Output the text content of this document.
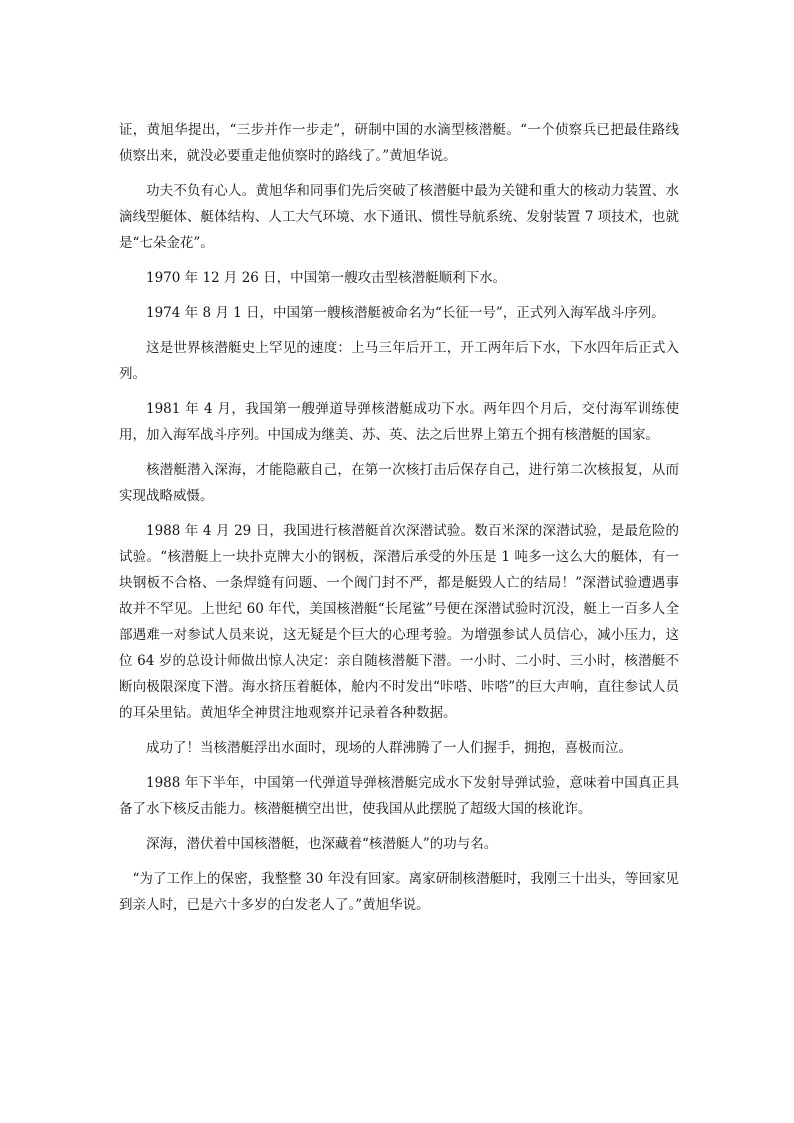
证，黄旭华提出，“三步并作一步走”，研制中国的水滴型核潜艇。“一个侦察兵已把最佳路线侦察出来，就没必要重走他侦察时的路线了。”黄旭华说。

功夫不负有心人。黄旭华和同事们先后突破了核潜艇中最为关键和重大的核动力装置、水滴线型艇体、艇体结构、人工大气环境、水下通讯、惯性导航系统、发射装置 7 项技术，也就是“七朵金花”。

1970 年 12 月 26 日，中国第一艘攻击型核潜艇顺利下水。

1974 年 8 月 1 日，中国第一艘核潜艇被命名为“长征一号”，正式列入海军战斗序列。

这是世界核潜艇史上罕见的速度：上马三年后开工，开工两年后下水，下水四年后正式入列。

1981 年 4 月，我国第一艘弹道导弹核潜艇成功下水。两年四个月后，交付海军训练使用，加入海军战斗序列。中国成为继美、苏、英、法之后世界上第五个拥有核潜艇的国家。

核潜艇潜入深海，才能隐蔽自己，在第一次核打击后保存自己，进行第二次核报复，从而实现战略威慑。

1988 年 4 月 29 日，我国进行核潜艇首次深潜试验。数百米深的深潜试验，是最危险的试验。“核潜艇上一块扑克牌大小的钢板，深潜后承受的外压是 1 吨多一这么大的艇体，有一块钢板不合格、一条焊缝有问题、一个阀门封不严，都是艇毁人亡的结局！”深潜试验遭遇事故并不罕见。上世纪 60 年代，美国核潜艇“长尾鲨”号便在深潜试验时沉没，艇上一百多人全部遇难一对参试人员来说，这无疑是个巨大的心理考验。为增强参试人员信心，减小压力，这位 64 岁的总设计师做出惊人决定：亲自随核潜艇下潜。一小时、二小时、三小时，核潜艇不断向极限深度下潜。海水挤压着艇体，舱内不时发出“咔嗒、咔嗒”的巨大声响，直往参试人员的耳朵里钻。黄旭华全神贯注地观察并记录着各种数据。

成功了！当核潜艇浮出水面时，现场的人群沸腾了一人们握手，拥抱，喜极而泣。

1988 年下半年，中国第一代弹道导弹核潜艇完成水下发射导弹试验，意味着中国真正具备了水下核反击能力。核潜艇横空出世，使我国从此摆脱了超级大国的核讹诈。

深海，潜伏着中国核潜艇，也深藏着“核潜艇人”的功与名。

“为了工作上的保密，我整整 30 年没有回家。离家研制核潜艇时，我刚三十出头，等回家见到亲人时，已是六十多岁的白发老人了。”黄旭华说。
